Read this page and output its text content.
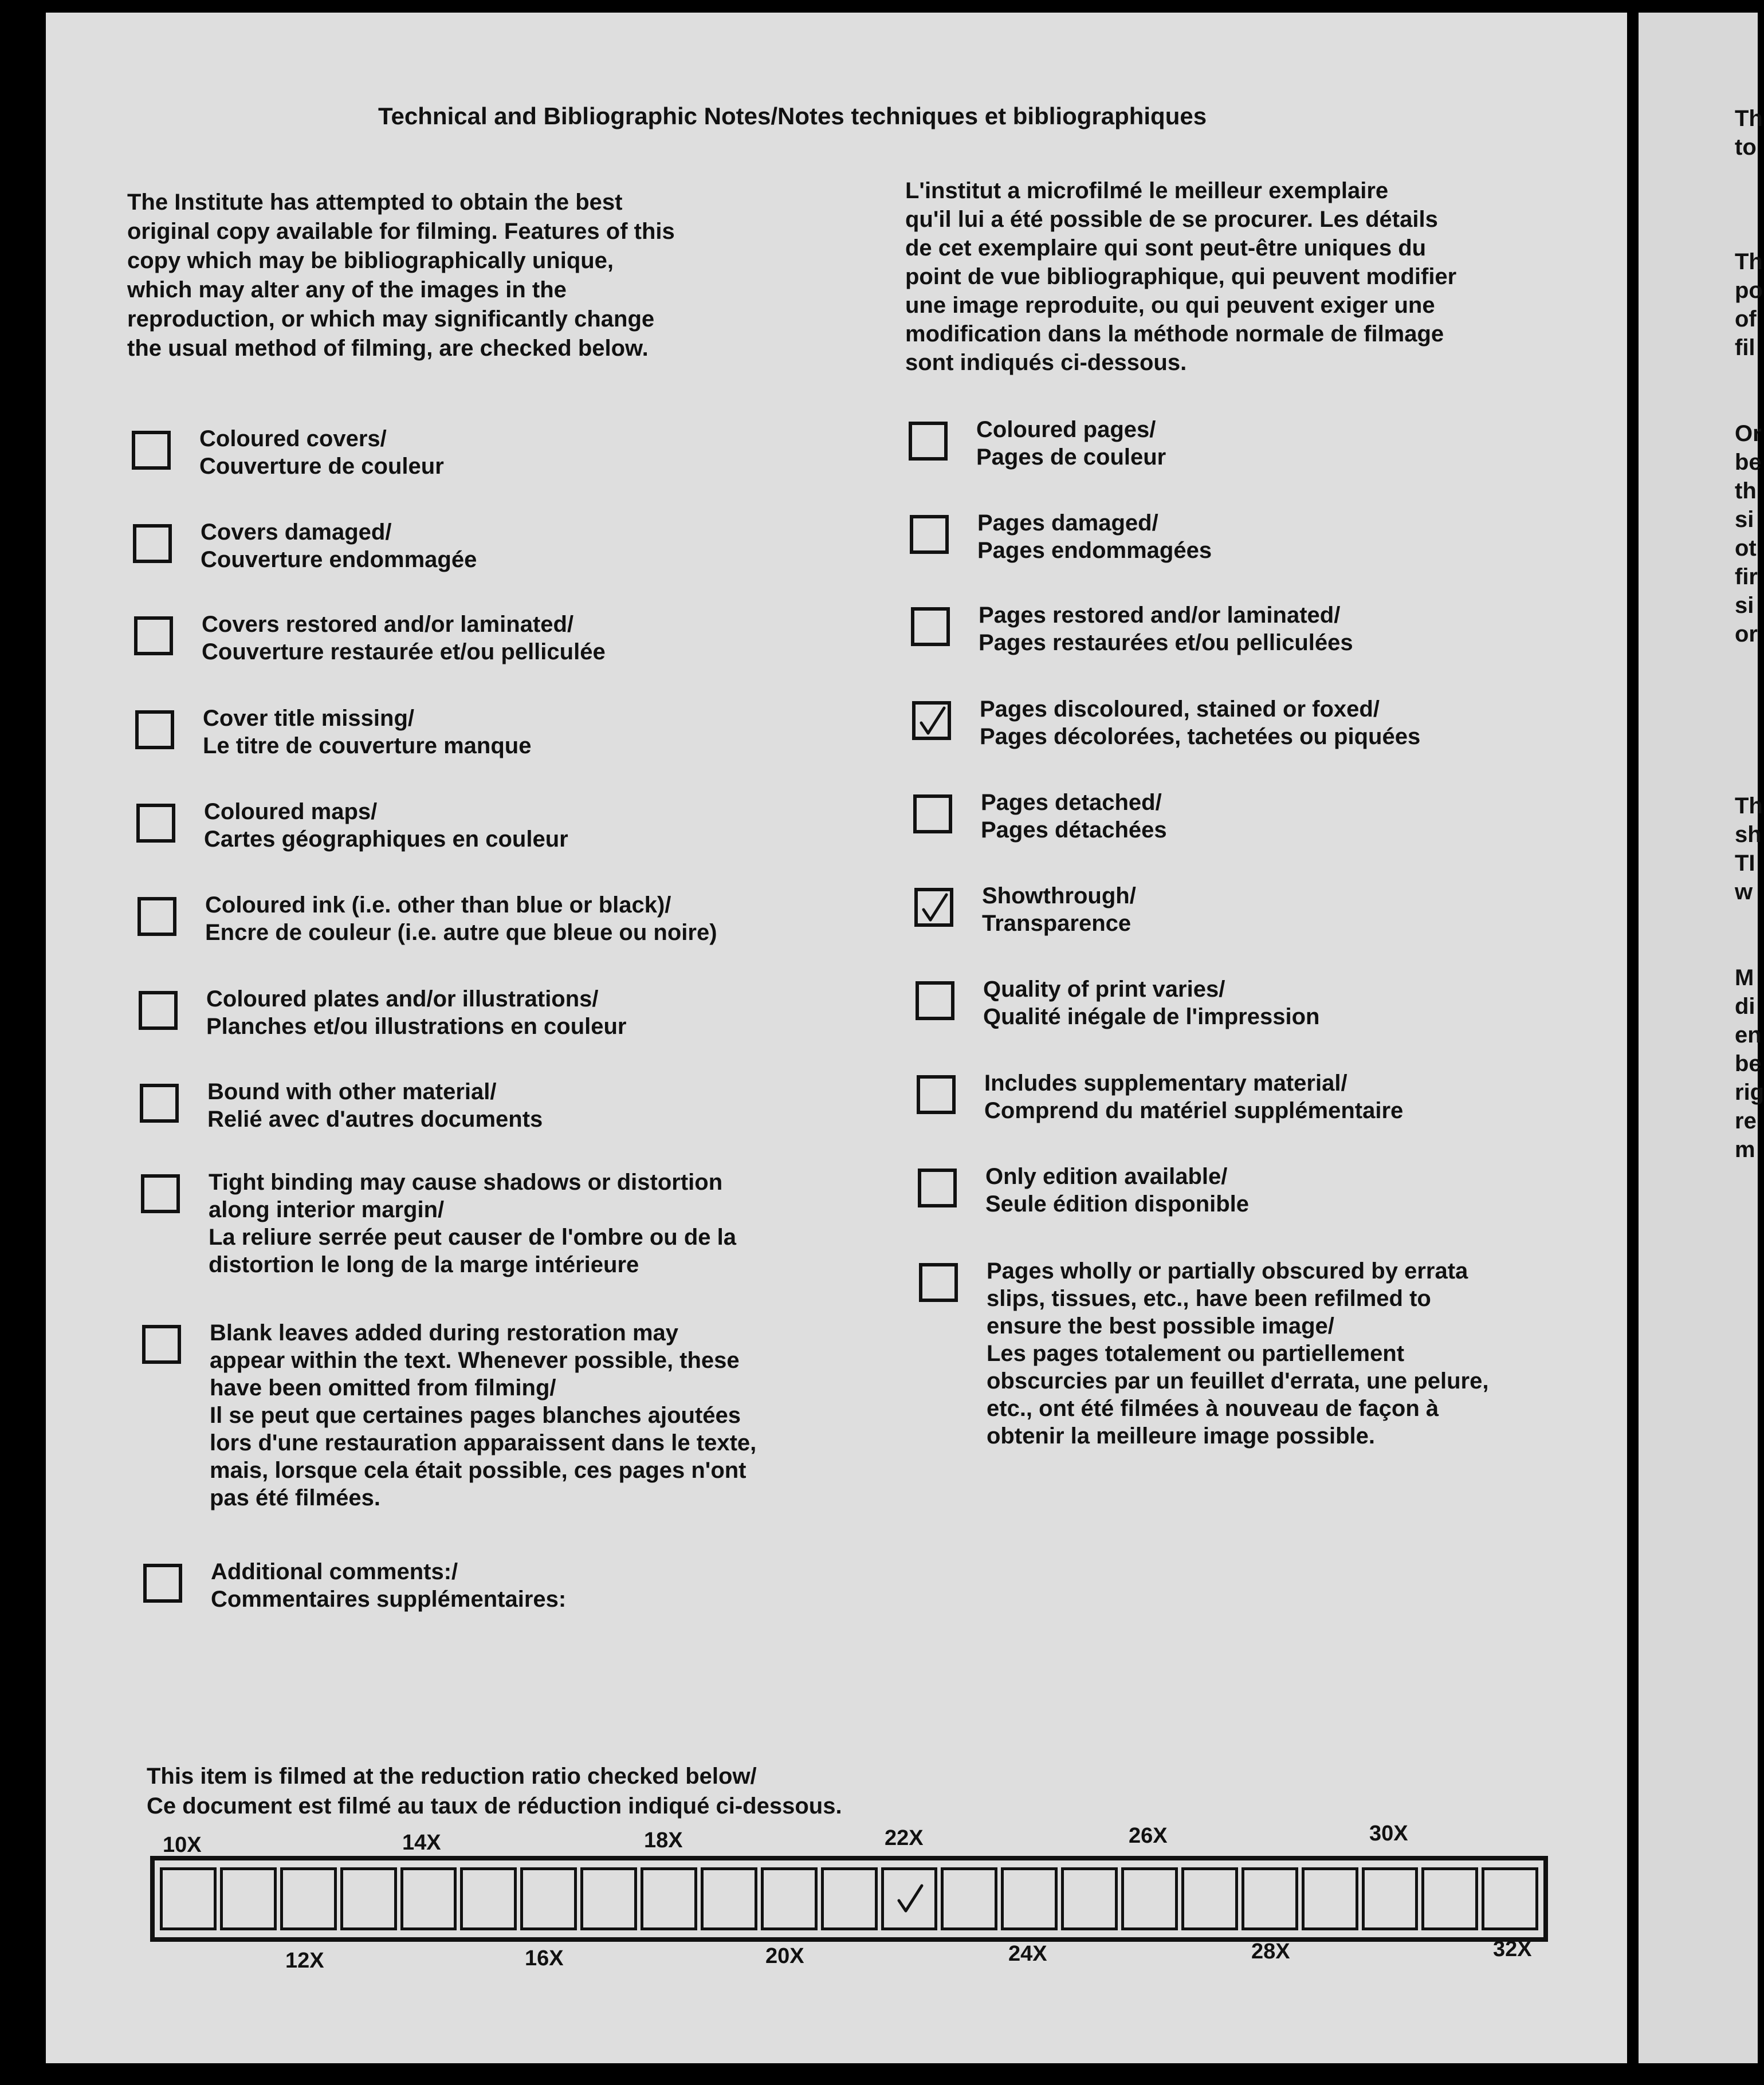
Th
to

Th
po
of
fil

Or
be
th
si
ot
fir
si
or

Th
sh
TI
w

M
di
en
be
rig
re
m
Technical and Bibliographic Notes/Notes techniques et bibliographiques
The Institute has attempted to obtain the best
original copy available for filming. Features of this
copy which may be bibliographically unique,
which may alter any of the images in the
reproduction, or which may significantly change
the usual method of filming, are checked below.
L'institut a microfilmé le meilleur exemplaire
qu'il lui a été possible de se procurer. Les détails
de cet exemplaire qui sont peut-être uniques du
point de vue bibliographique, qui peuvent modifier
une image reproduite, ou qui peuvent exiger une
modification dans la méthode normale de filmage
sont indiqués ci-dessous.
Coloured covers/
Couverture de couleur
Covers damaged/
Couverture endommagée
Covers restored and/or laminated/
Couverture restaurée et/ou pelliculée
Cover title missing/
Le titre de couverture manque
Coloured maps/
Cartes géographiques en couleur
Coloured ink (i.e. other than blue or black)/
Encre de couleur (i.e. autre que bleue ou noire)
Coloured plates and/or illustrations/
Planches et/ou illustrations en couleur
Bound with other material/
Relié avec d'autres documents
Tight binding may cause shadows or distortion
along interior margin/
La reliure serrée peut causer de l'ombre ou de la
distortion le long de la marge intérieure
Blank leaves added during restoration may
appear within the text. Whenever possible, these
have been omitted from filming/
Il se peut que certaines pages blanches ajoutées
lors d'une restauration apparaissent dans le texte,
mais, lorsque cela était possible, ces pages n'ont
pas été filmées.
Additional comments:/
Commentaires supplémentaires:
Coloured pages/
Pages de couleur
Pages damaged/
Pages endommagées
Pages restored and/or laminated/
Pages restaurées et/ou pelliculées
Pages discoloured, stained or foxed/
Pages décolorées, tachetées ou piquées
Pages detached/
Pages détachées
Showthrough/
Transparence
Quality of print varies/
Qualité inégale de l'impression
Includes supplementary material/
Comprend du matériel supplémentaire
Only edition available/
Seule édition disponible
Pages wholly or partially obscured by errata
slips, tissues, etc., have been refilmed to
ensure the best possible image/
Les pages totalement ou partiellement
obscurcies par un feuillet d'errata, une pelure,
etc., ont été filmées à nouveau de façon à
obtenir la meilleure image possible.
This item is filmed at the reduction ratio checked below/
Ce document est filmé au taux de réduction indiqué ci-dessous.
10X	14X	18X	22X	26X	30X
12X	16X	20X	24X	28X	32X
